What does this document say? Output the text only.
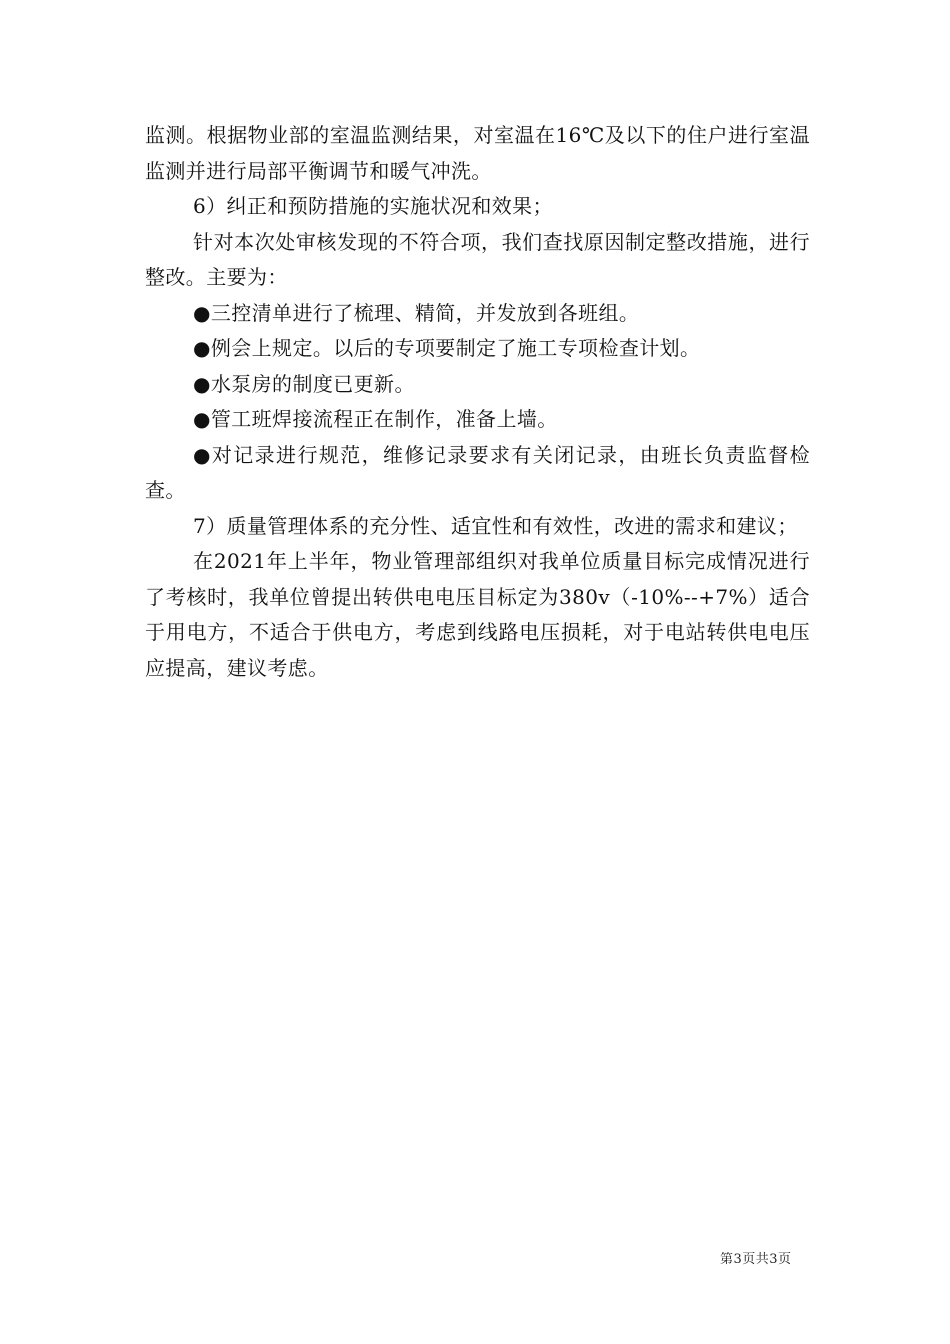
监测。根据物业部的室温监测结果，对室温在16℃及以下的住户进行室温监测并进行局部平衡调节和暖气冲洗。

6）纠正和预防措施的实施状况和效果；

针对本次处审核发现的不符合项，我们查找原因制定整改措施，进行整改。主要为：

●三控清单进行了梳理、精简，并发放到各班组。

●例会上规定。以后的专项要制定了施工专项检查计划。

●水泵房的制度已更新。

●管工班焊接流程正在制作，准备上墙。

●对记录进行规范，维修记录要求有关闭记录，由班长负责监督检查。

7）质量管理体系的充分性、适宜性和有效性，改进的需求和建议；

在2021年上半年，物业管理部组织对我单位质量目标完成情况进行了考核时，我单位曾提出转供电电压目标定为380v（-10%--+7%）适合于用电方，不适合于供电方，考虑到线路电压损耗，对于电站转供电电压应提高，建议考虑。

第3页共3页
